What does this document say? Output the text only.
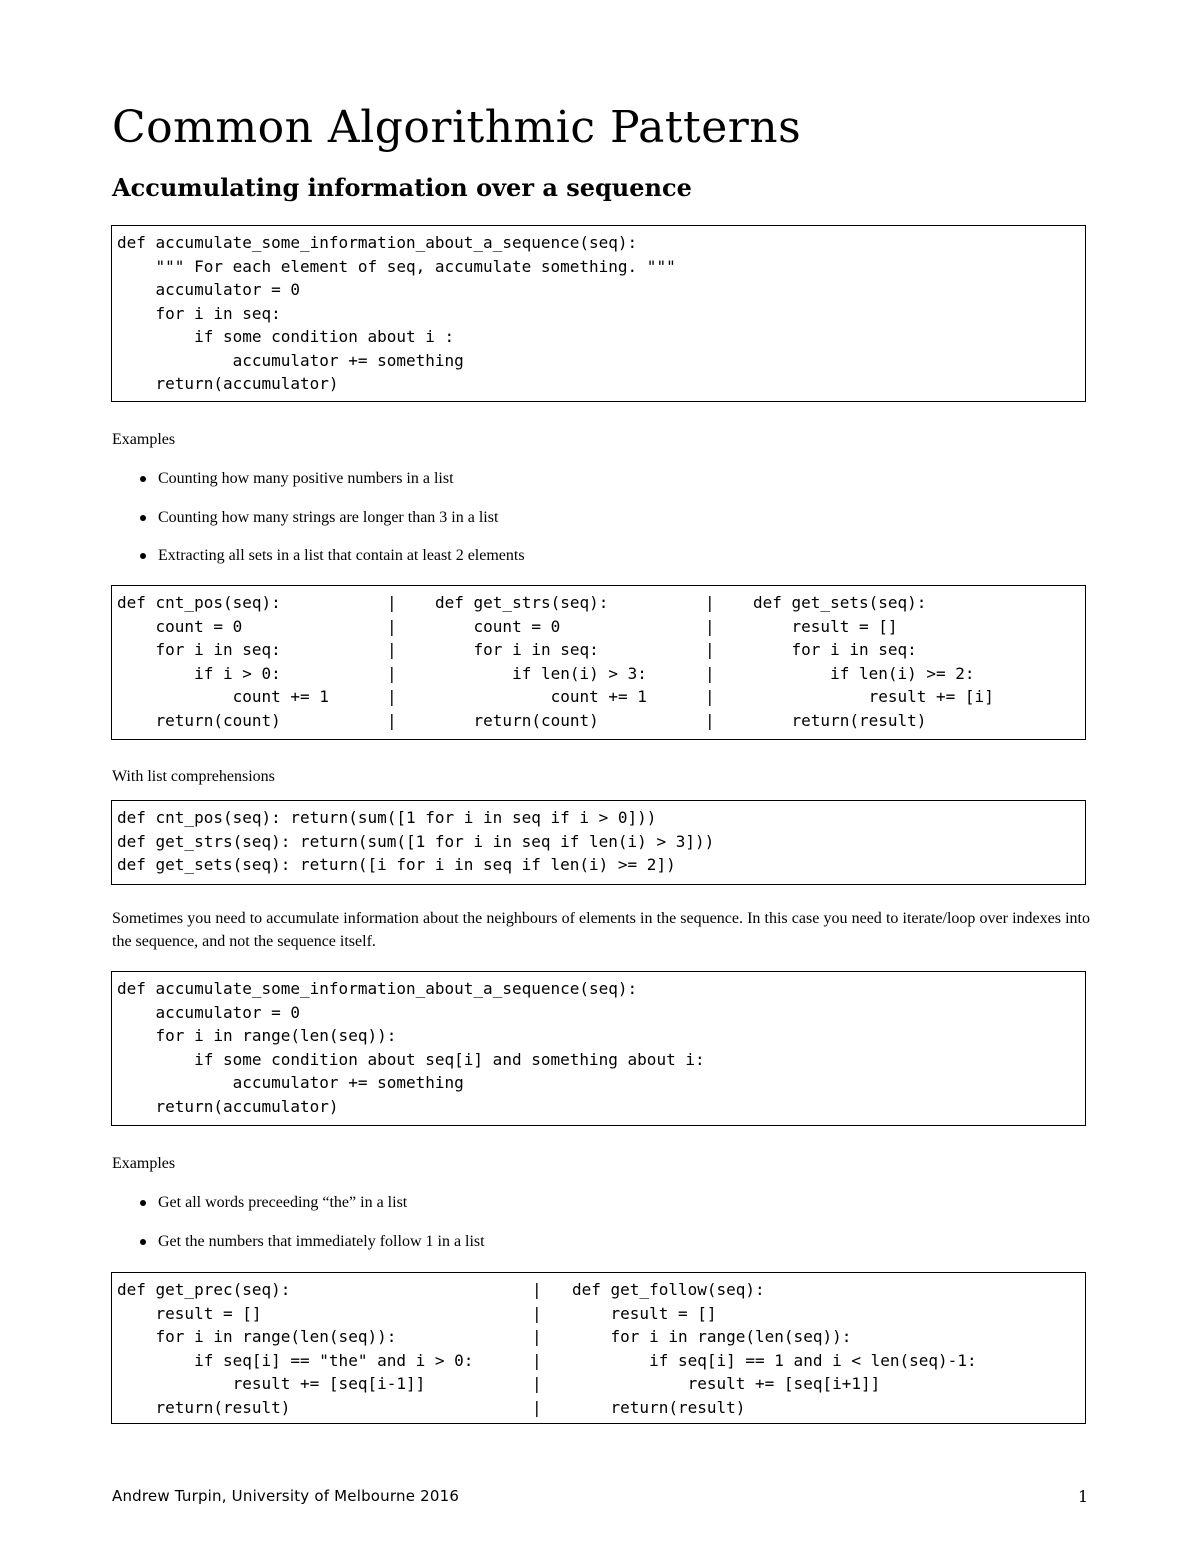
Common Algorithmic Patterns
Accumulating information over a sequence
def accumulate_some_information_about_a_sequence(seq):
""" For each element of seq, accumulate something. """
accumulator = 0
for i in seq:
if some condition about i :
accumulator += something
return(accumulator)

Examples

Counting how many positive numbers in a list
Counting how many strings are longer than 3 in a list
Extracting all sets in a list that contain at least 2 elements
def cnt_pos(seq):
count = 0
for i in seq:
if i > 0:
count += 1
return(count)
|
|
|
|
|
|
def get_strs(seq):
count = 0
for i in seq:
if len(i) > 3:
count += 1
return(count)
|
|
|
|
|
|
def get_sets(seq):
result = []
for i in seq:
if len(i) >= 2:
result += [i]
return(result)

With list comprehensions

def cnt_pos(seq): return(sum([1 for i in seq if i > 0]))
def get_strs(seq): return(sum([1 for i in seq if len(i) > 3]))
def get_sets(seq): return([i for i in seq if len(i) >= 2])

Sometimes you need to accumulate information about the neighbours of elements in the sequence. In this case you need to iterate/loop over indexes into the sequence, and not the sequence itself.

def accumulate_some_information_about_a_sequence(seq):
accumulator = 0
for i in range(len(seq)):
if some condition about seq[i] and something about i:
accumulator += something
return(accumulator)

Examples

Get all words preceeding “the” in a list
Get the numbers that immediately follow 1 in a list
def get_prec(seq):
result = []
for i in range(len(seq)):
if seq[i] == "the" and i > 0:
result += [seq[i-1]]
return(result)
|
|
|
|
|
|
def get_follow(seq):
result = []
for i in range(len(seq)):
if seq[i] == 1 and i < len(seq)-1:
result += [seq[i+1]]
return(result)

Andrew Turpin, University of Melbourne 2016	1
